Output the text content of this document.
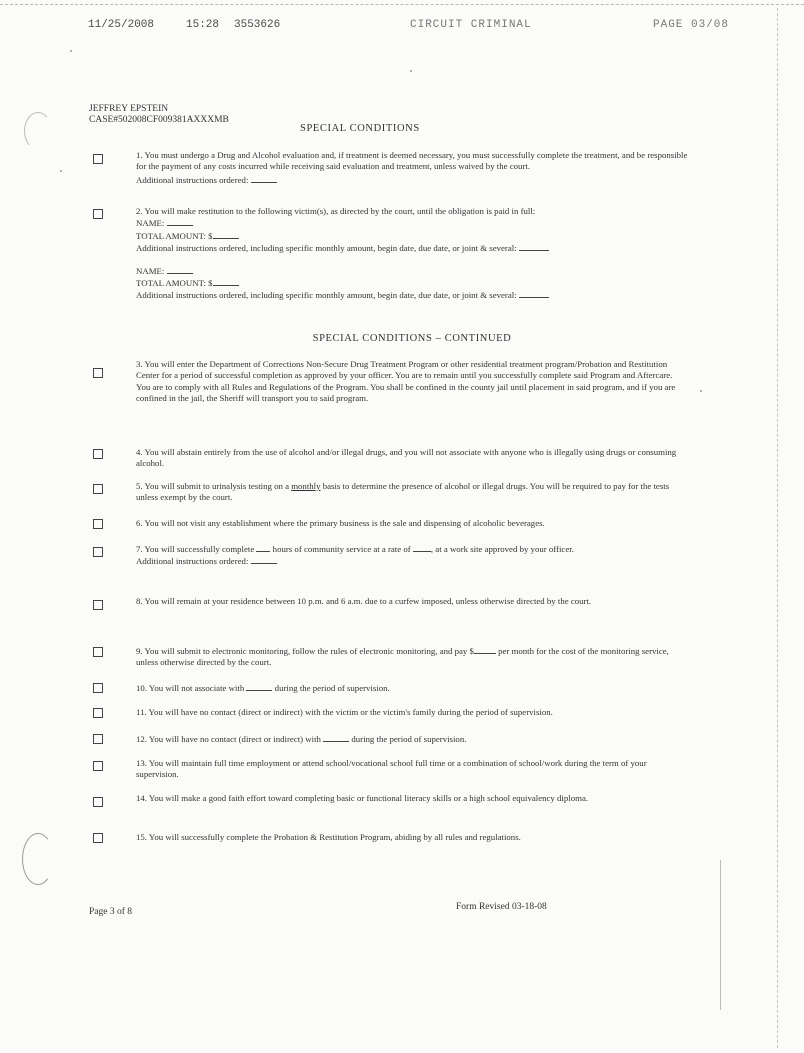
11/25/2008	15:28 3553626	CIRCUIT CRIMINAL	PAGE 03/08
JEFFREY EPSTEIN
CASE#502008CF009381AXXXMB
SPECIAL CONDITIONS

1. You must undergo a Drug and Alcohol evaluation and, if treatment is deemed necessary, you must successfully complete the treatment, and be responsible for the payment of any costs incurred while receiving said evaluation and treatment, unless waived by the court.

Additional instructions ordered:

2. You will make restitution to the following victim(s), as directed by the court, until the obligation is paid in full:

NAME:

TOTAL AMOUNT: $

Additional instructions ordered, including specific monthly amount, begin date, due date, or joint & several:

NAME:

TOTAL AMOUNT: $

Additional instructions ordered, including specific monthly amount, begin date, due date, or joint & several:

SPECIAL CONDITIONS – CONTINUED
3. You will enter the Department of Corrections Non-Secure Drug Treatment Program or other residential treatment program/Probation and Restitution Center for a period of successful completion as approved by your officer. You are to remain until you successfully complete said Program and Aftercare. You are to comply with all Rules and Regulations of the Program. You shall be confined in the county jail until placement in said program, and if you are confined in the jail, the Sheriff will transport you to said program.
4. You will abstain entirely from the use of alcohol and/or illegal drugs, and you will not associate with anyone who is illegally using drugs or consuming alcohol.
5. You will submit to urinalysis testing on a monthly basis to determine the presence of alcohol or illegal drugs. You will be required to pay for the tests unless exempt by the court.
6. You will not visit any establishment where the primary business is the sale and dispensing of alcoholic beverages.

7. You will successfully complete hours of community service at a rate of , at a work site approved by your officer.

Additional instructions ordered:

8. You will remain at your residence between 10 p.m. and 6 a.m. due to a curfew imposed, unless otherwise directed by the court.
9. You will submit to electronic monitoring, follow the rules of electronic monitoring, and pay $	per month for the cost of the monitoring service, unless otherwise directed by the court.
10. You will not associate with	during the period of supervision.
11. You will have no contact (direct or indirect) with the victim or the victim's family during the period of supervision.
12. You will have no contact (direct or indirect) with	during the period of supervision.
13. You will maintain full time employment or attend school/vocational school full time or a combination of school/work during the term of your supervision.
14. You will make a good faith effort toward completing basic or functional literacy skills or a high school equivalency diploma.
15. You will successfully complete the Probation & Restitution Program, abiding by all rules and regulations.
Page 3 of 8	Form Revised 03-18-08
